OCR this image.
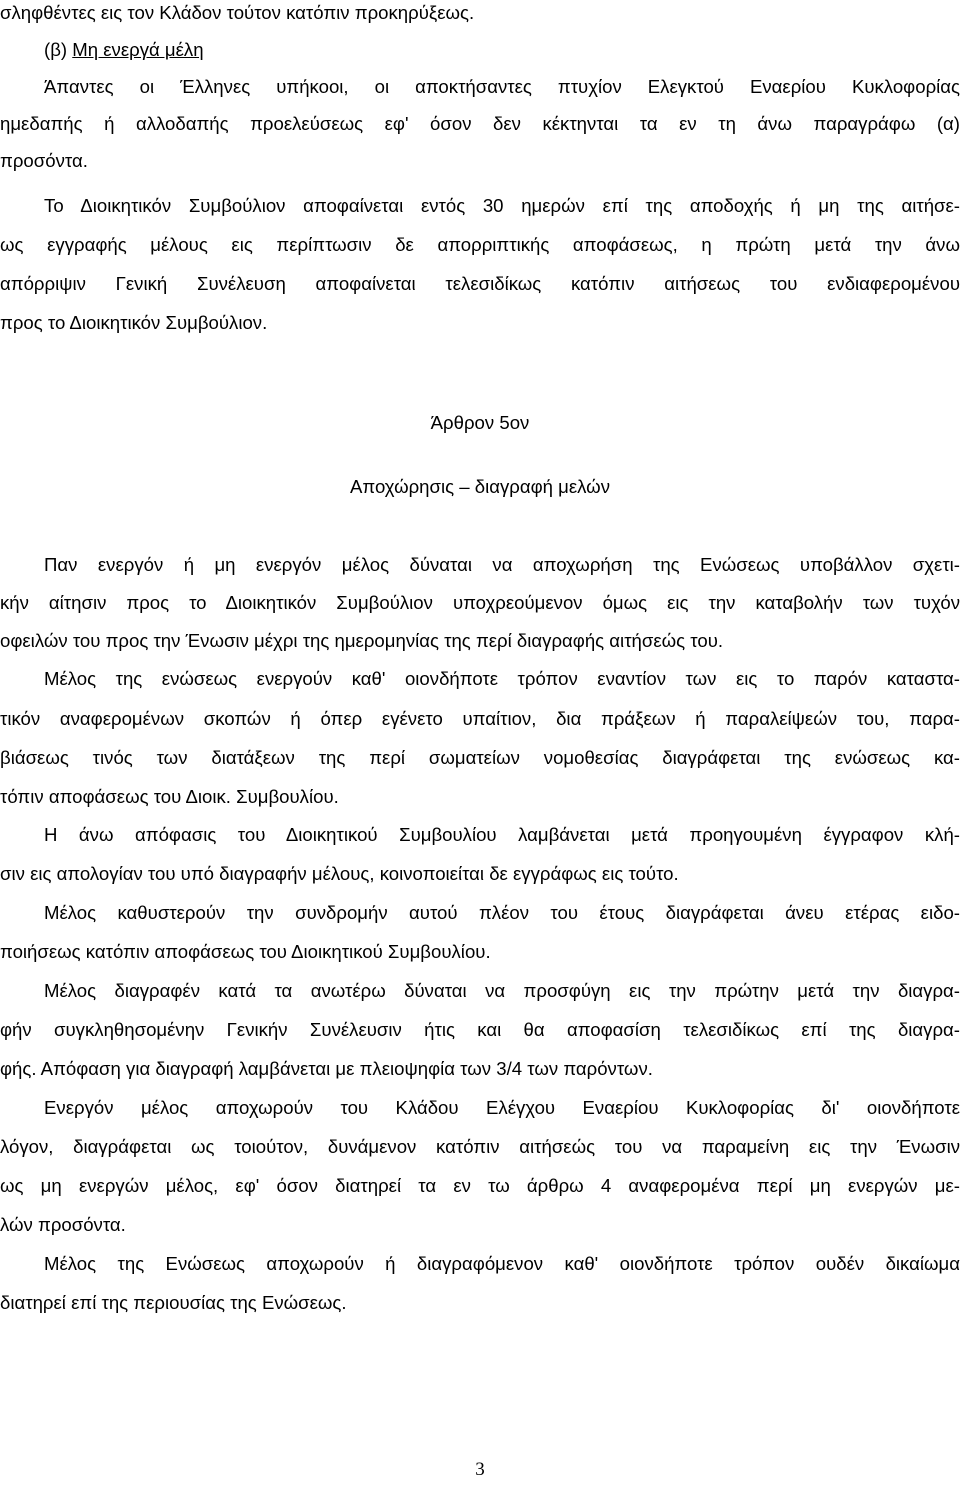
σληφθέντες εις τον Κλάδον τούτον κατόπιν προκηρύξεως.
(β) Μη ενεργά μέλη
Άπαντες οι Έλληνες υπήκοοι, οι αποκτήσαντες πτυχίον Ελεγκτού Εναερίου Κυκλοφορίας
ημεδαπής ή αλλοδαπής προελεύσεως εφ' όσον δεν κέκτηνται τα εν τη άνω παραγράφω (α)
προσόντα.
Το Διοικητικόν Συμβούλιον αποφαίνεται εντός 30 ημερών επί της αποδοχής ή μη της αιτήσε-
ως εγγραφής μέλους εις περίπτωσιν δε απορριπτικής αποφάσεως, η πρώτη μετά την άνω
απόρριψιν Γενική Συνέλευση αποφαίνεται τελεσιδίκως κατόπιν αιτήσεως του ενδιαφερομένου
προς το Διοικητικόν Συμβούλιον.
Άρθρον 5ον
Αποχώρησις – διαγραφή μελών
Παν ενεργόν ή μη ενεργόν μέλος δύναται να αποχωρήση της Ενώσεως υποβάλλον σχετι-
κήν αίτησιν προς το Διοικητικόν Συμβούλιον υποχρεούμενον όμως εις την καταβολήν των τυχόν
οφειλών του προς την Ένωσιν μέχρι της ημερομηνίας της περί διαγραφής αιτήσεώς του.
Μέλος της ενώσεως ενεργούν καθ' οιονδήποτε τρόπον εναντίον των εις το παρόν καταστα-
τικόν αναφερομένων σκοπών ή όπερ εγένετο υπαίτιον, δια πράξεων ή παραλείψεών του, παρα-
βιάσεως τινός των διατάξεων της περί σωματείων νομοθεσίας διαγράφεται της ενώσεως κα-
τόπιν αποφάσεως του Διοικ. Συμβουλίου.
Η άνω απόφασις του Διοικητικού Συμβουλίου λαμβάνεται μετά προηγουμένη έγγραφον κλή-
σιν εις απολογίαν του υπό διαγραφήν μέλους, κοινοποιείται δε εγγράφως εις τούτο.
Μέλος καθυστερούν την συνδρομήν αυτού πλέον του έτους διαγράφεται άνευ ετέρας ειδο-
ποιήσεως κατόπιν αποφάσεως του Διοικητικού Συμβουλίου.
Μέλος διαγραφέν κατά τα ανωτέρω δύναται να προσφύγη εις την πρώτην μετά την διαγρα-
φήν συγκληθησομένην Γενικήν Συνέλευσιν ήτις και θα αποφασίση τελεσιδίκως επί της διαγρα-
φής. Απόφαση για διαγραφή λαμβάνεται με πλειοψηφία των 3/4 των παρόντων.
Ενεργόν μέλος αποχωρούν του Κλάδου Ελέγχου Εναερίου Κυκλοφορίας δι' οιονδήποτε
λόγον, διαγράφεται ως τοιούτον, δυνάμενον κατόπιν αιτήσεώς του να παραμείνη εις την Ένωσιν
ως μη ενεργών μέλος, εφ' όσον διατηρεί τα εν τω άρθρω 4 αναφερομένα περί μη ενεργών με-
λών προσόντα.
Μέλος της Ενώσεως αποχωρούν ή διαγραφόμενον καθ' οιονδήποτε τρόπον ουδέν δικαίωμα
διατηρεί επί της περιουσίας της Ενώσεως.
3
